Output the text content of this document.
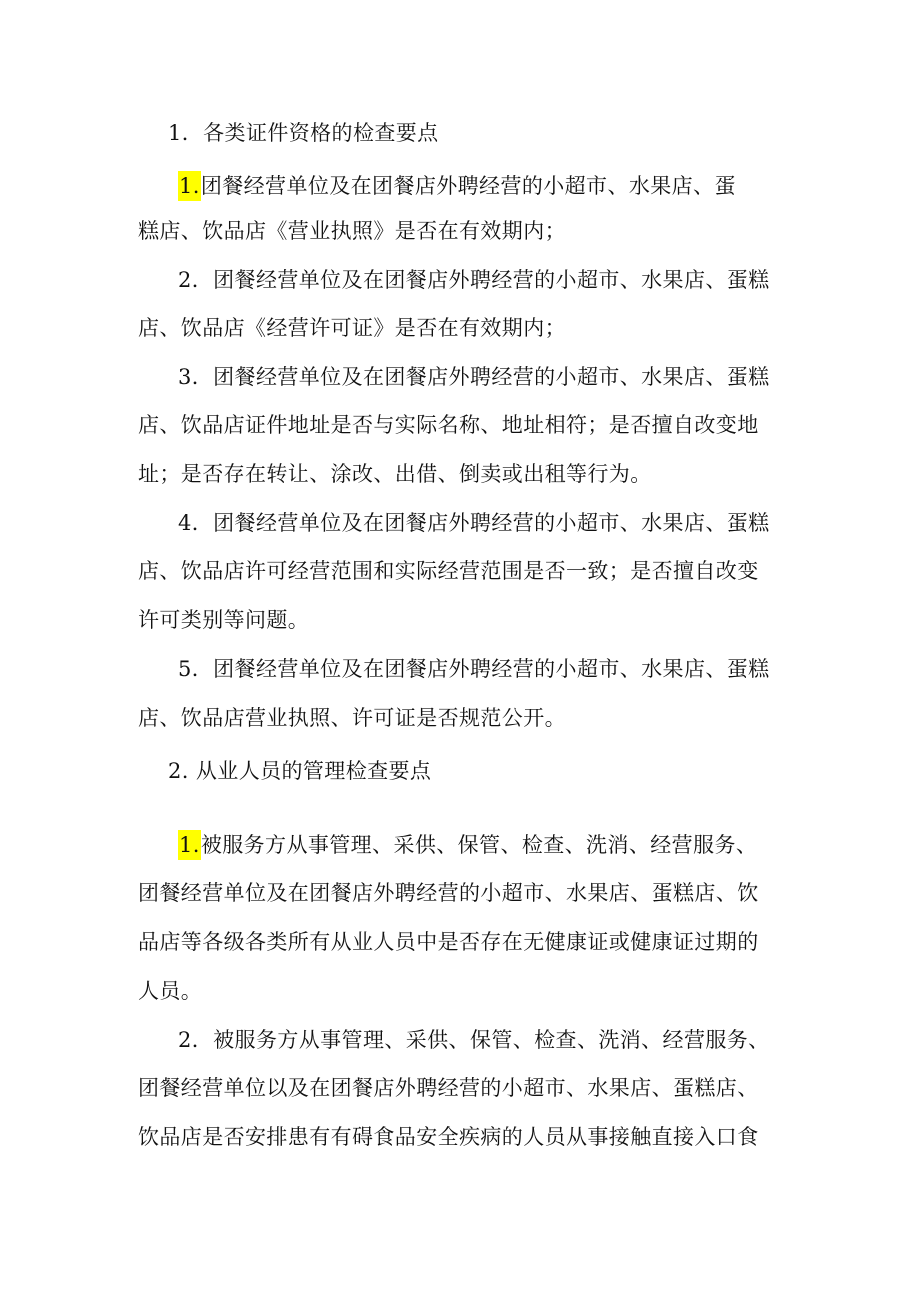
1．各类证件资格的检查要点
1.团餐经营单位及在团餐店外聘经营的小超市、水果店、蛋
糕店、饮品店《营业执照》是否在有效期内；
2．团餐经营单位及在团餐店外聘经营的小超市、水果店、蛋糕
店、饮品店《经营许可证》是否在有效期内；
3．团餐经营单位及在团餐店外聘经营的小超市、水果店、蛋糕
店、饮品店证件地址是否与实际名称、地址相符；是否擅自改变地
址；是否存在转让、涂改、出借、倒卖或出租等行为。
4．团餐经营单位及在团餐店外聘经营的小超市、水果店、蛋糕
店、饮品店许可经营范围和实际经营范围是否一致；是否擅自改变
许可类别等问题。
5．团餐经营单位及在团餐店外聘经营的小超市、水果店、蛋糕
店、饮品店营业执照、许可证是否规范公开。
2. 从业人员的管理检查要点
1.被服务方从事管理、采供、保管、检查、洗消、经营服务、
团餐经营单位及在团餐店外聘经营的小超市、水果店、蛋糕店、饮
品店等各级各类所有从业人员中是否存在无健康证或健康证过期的
人员。
2．被服务方从事管理、采供、保管、检查、洗消、经营服务、
团餐经营单位以及在团餐店外聘经营的小超市、水果店、蛋糕店、
饮品店是否安排患有有碍食品安全疾病的人员从事接触直接入口食
